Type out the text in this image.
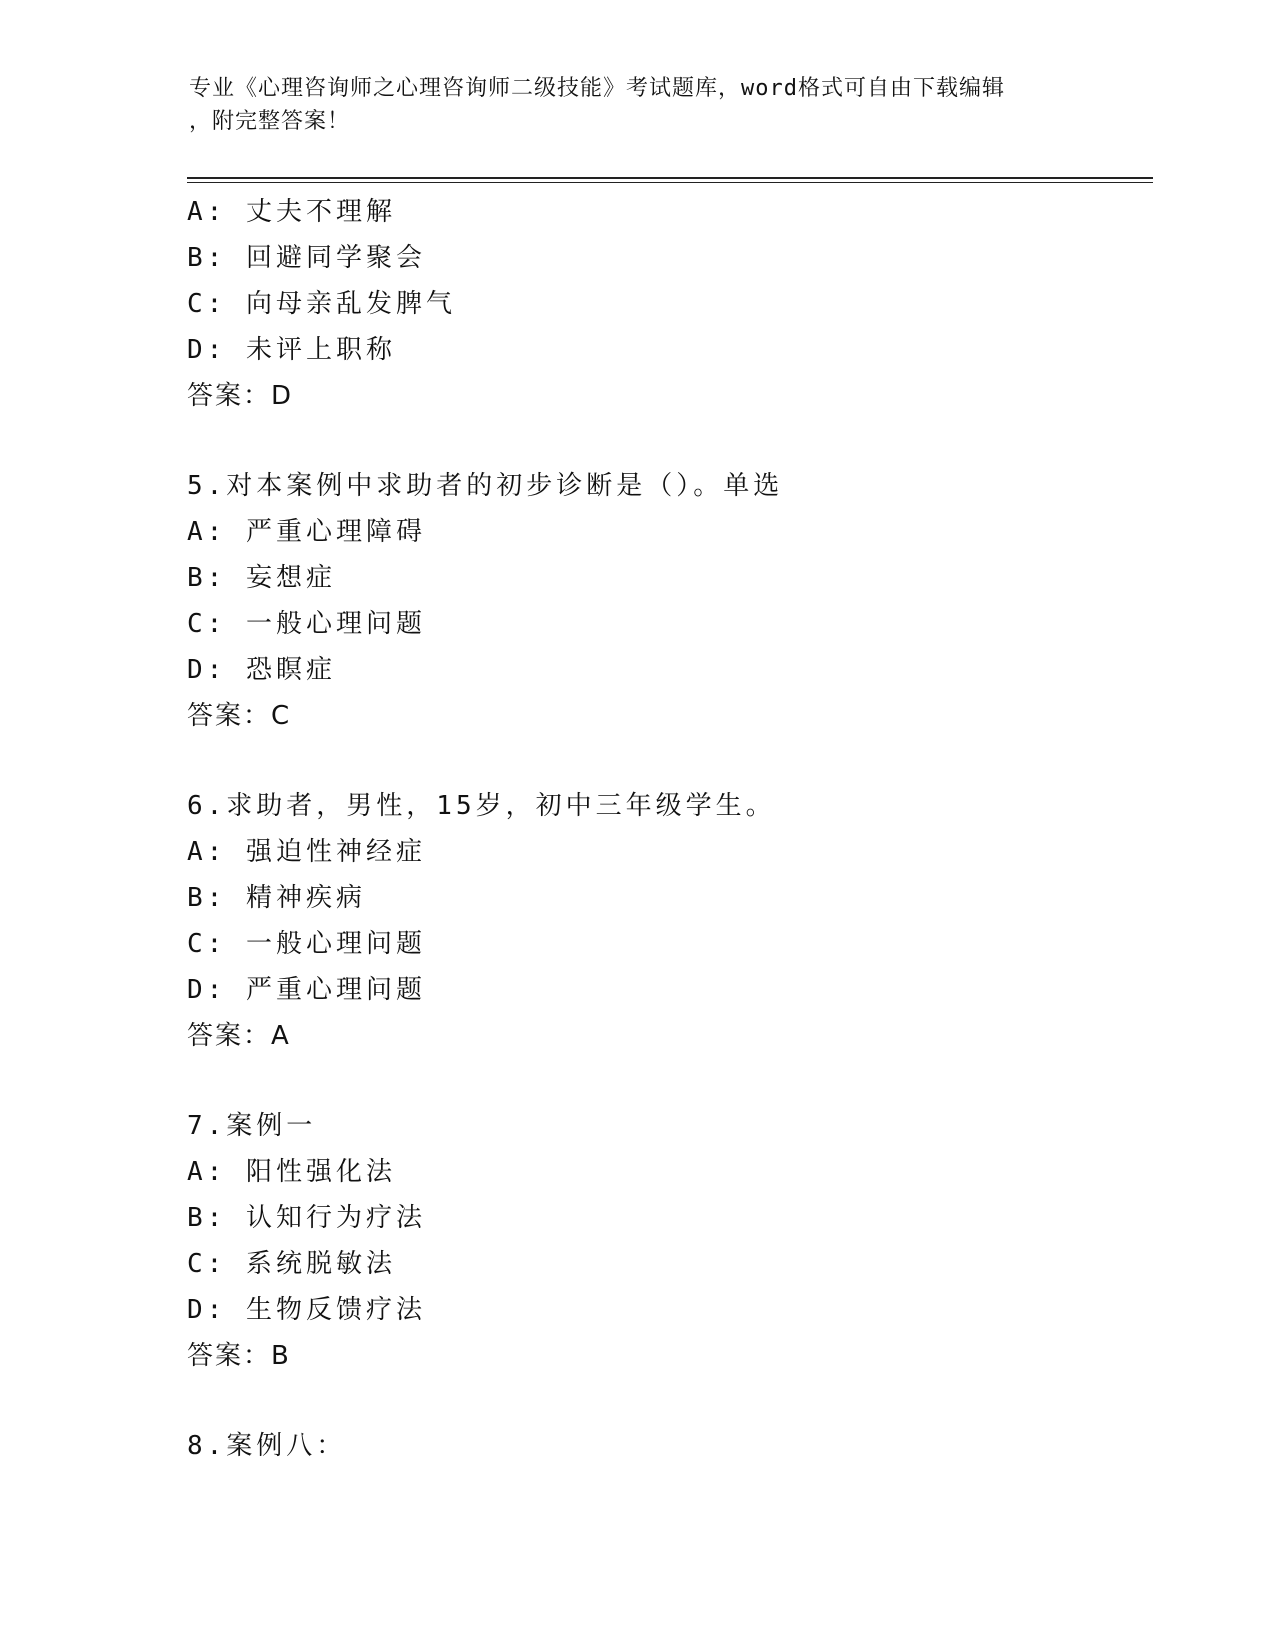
专业《心理咨询师之心理咨询师二级技能》考试题库，word格式可自由下载编辑
，附完整答案！
A: 丈夫不理解
B: 回避同学聚会
C: 向母亲乱发脾气
D: 未评上职称
答案：D
5.对本案例中求助者的初步诊断是（）。单选
A: 严重心理障碍
B: 妄想症
C: 一般心理问题
D: 恐瞑症
答案：C
6.求助者，男性，15岁，初中三年级学生。
A: 强迫性神经症
B: 精神疾病
C: 一般心理问题
D: 严重心理问题
答案：A
7.案例一
A: 阳性强化法
B: 认知行为疗法
C: 系统脱敏法
D: 生物反馈疗法
答案：B
8.案例八：
